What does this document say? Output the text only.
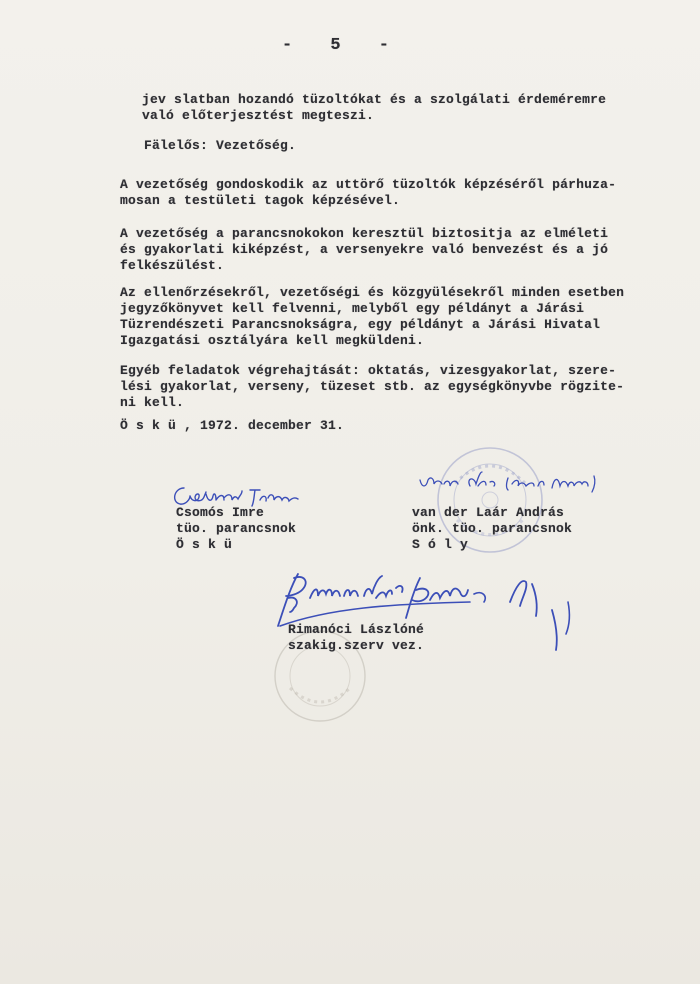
- 5 -

jev slatban hozandó tüzoltókat és a szolgálati érdeméremre

való előterjesztést megteszi.

Fälelős: Vezetőség.

A vezetőség gondoskodik az uttörő tüzoltók képzéséről párhuza-

mosan a testületi tagok képzésével.

A vezetőség a parancsnokokon keresztül biztositja az elméleti

és gyakorlati kiképzést, a versenyekre való benvezést és a jó

felkészülést.

Az ellenőrzésekről, vezetőségi és közgyülésekről minden esetben

jegyzőkönyvet kell felvenni, melyből egy példányt a Járási

Tüzrendészeti Parancsnokságra, egy példányt a Járási Hivatal

Igazgatási osztályára kell megküldeni.

Egyéb feladatok végrehajtását: oktatás, vizesgyakorlat, szere-

lési gyakorlat, verseny, tüzeset stb. az egységkönyvbe rögzite-

ni kell.

Ö s k ü , 1972. december 31.

Csomós Imre

tüo. parancsnok

Ö s k ü

van der Laár András

önk. tüo. parancsnok

S ó l y

Rimanóci Lászlóné

szakig.szerv vez.
